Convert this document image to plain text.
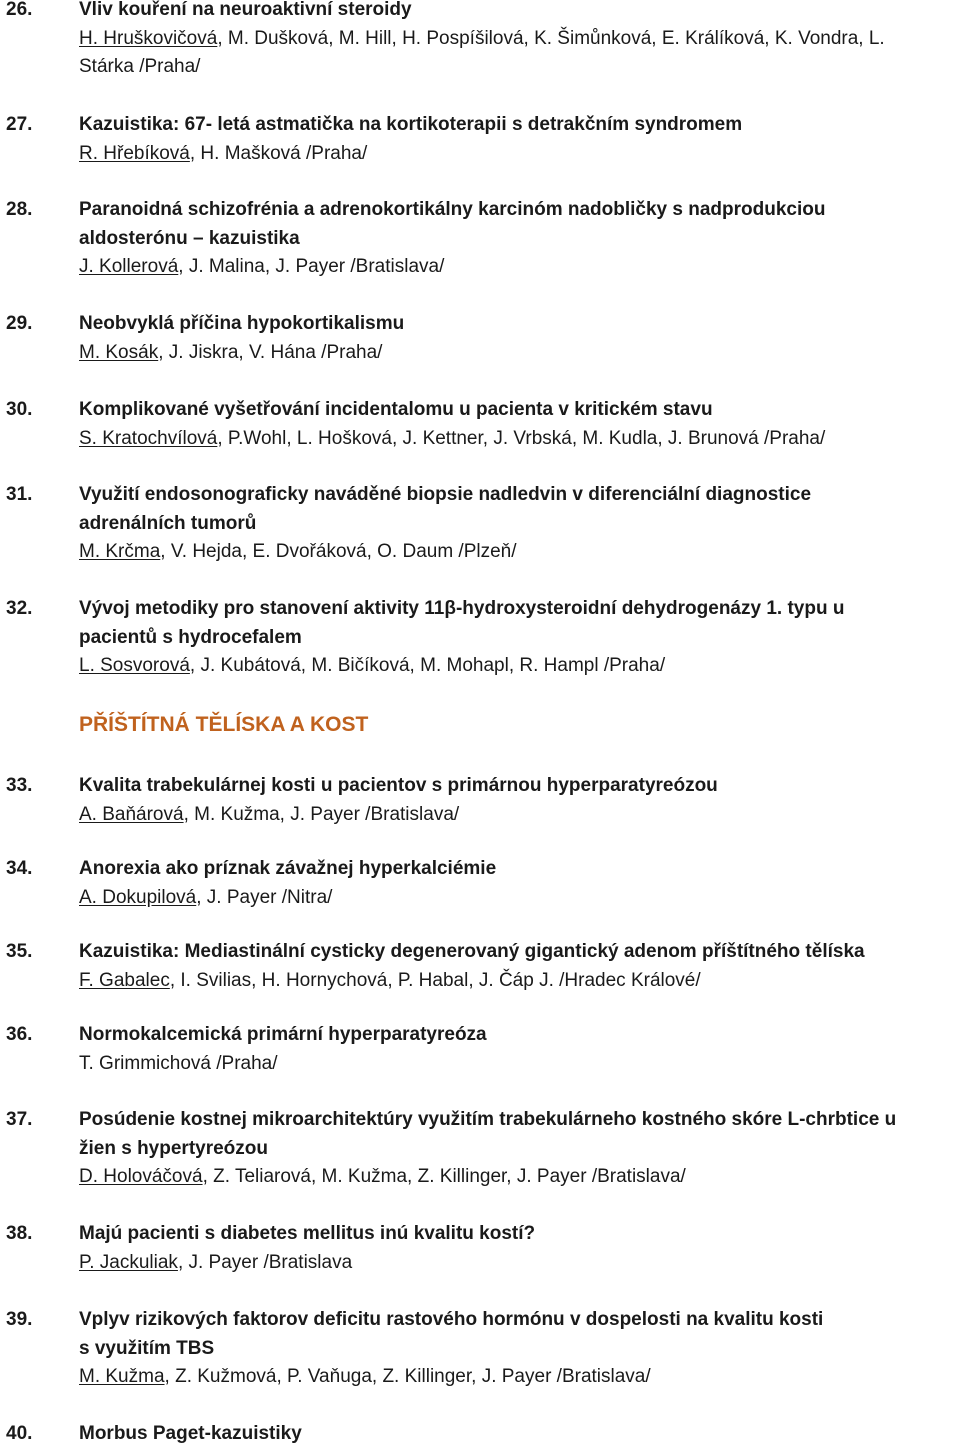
26. Vliv kouření na neuroaktivní steroidy
H. Hruškovičová, M. Dušková, M. Hill, H. Pospíšilová, K. Šimůnková, E. Králíková, K. Vondra, L.
Stárka /Praha/
27. Kazuistika: 67- letá astmatička na kortikoterapii s detrakčním syndromem
R. Hřebíková, H. Mašková /Praha/
28. Paranoidná schizofrénia a adrenokortikálny karcinóm nadobličky s nadprodukciou
aldosterónu – kazuistika
J. Kollerová, J. Malina, J. Payer /Bratislava/
29. Neobvyklá příčina hypokortikalismu
M. Kosák, J. Jiskra, V. Hána /Praha/
30. Komplikované vyšetřování incidentalomu u pacienta v kritickém stavu
S. Kratochvílová, P.Wohl, L. Hošková, J. Kettner, J. Vrbská, M. Kudla, J. Brunová /Praha/
31. Využití endosonograficky naváděné biopsie nadledvin v diferenciální diagnostice
adrenálních tumorů
M. Krčma, V. Hejda, E. Dvořáková, O. Daum /Plzeň/
32. Vývoj metodiky pro stanovení aktivity 11β-hydroxysteroidní dehydrogenázy 1. typu u
pacientů s hydrocefalem
L. Sosvorová, J. Kubátová, M. Bičíková, M. Mohapl, R. Hampl /Praha/
PŘÍŠTÍTNÁ TĚLÍSKA A KOST
33. Kvalita trabekulárnej kosti u pacientov s primárnou hyperparatyreózou
A. Baňárová, M. Kužma, J. Payer /Bratislava/
34. Anorexia ako príznak závažnej hyperkalciémie
A. Dokupilová, J. Payer /Nitra/
35. Kazuistika: Mediastinální cysticky degenerovaný gigantický adenom příštítného tělíska
F. Gabalec, I. Svilias, H. Hornychová, P. Habal, J. Čáp J. /Hradec Králové/
36. Normokalcemická primární hyperparatyreóza
T. Grimmichová /Praha/
37. Posúdenie kostnej mikroarchitektúry využitím trabekulárneho kostného skóre L-chrbtice u
žien s hypertyreózou
D. Holováčová, Z. Teliarová, M. Kužma, Z. Killinger, J. Payer /Bratislava/
38. Majú pacienti s diabetes mellitus inú kvalitu kostí?
P. Jackuliak, J. Payer /Bratislava
39. Vplyv rizikových faktorov deficitu rastového hormónu v dospelosti na kvalitu kosti
s využitím TBS
M. Kužma, Z. Kužmová, P. Vaňuga, Z. Killinger, J. Payer /Bratislava/
40. Morbus Paget-kazuistiky
